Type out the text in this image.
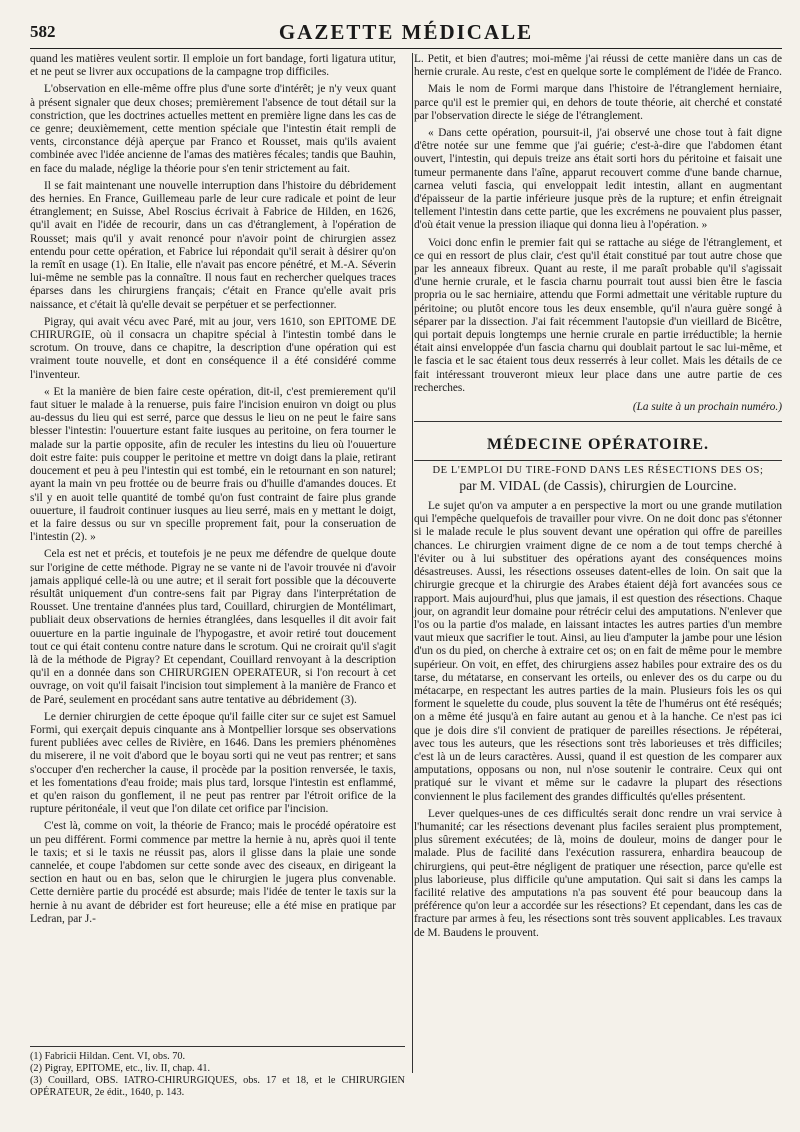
582	GAZETTE MÉDICALE

quand les matières veulent sortir. Il emploie un fort bandage, forti ligatura utitur, et ne peut se livrer aux occupations de la campagne trop difficiles.

L'observation en elle-même offre plus d'une sorte d'intérêt; je n'y veux quant à présent signaler que deux choses; premièrement l'absence de tout détail sur la constriction, que les doctrines actuelles mettent en première ligne dans les cas de ce genre; deuxièmement, cette mention spéciale que l'intestin était rempli de vents, circonstance déjà aperçue par Franco et Rousset, mais qu'ils avaient combinée avec l'idée ancienne de l'amas des matières fécales; tandis que Bauhin, en face du malade, néglige la théorie pour s'en tenir strictement au fait.

Il se fait maintenant une nouvelle interruption dans l'histoire du débridement des hernies. En France, Guillemeau parle de leur cure radicale et point de leur étranglement; en Suisse, Abel Roscius écrivait à Fabrice de Hilden, en 1626, qu'il avait en l'idée de recourir, dans un cas d'étranglement, à l'opération de Rousset; mais qu'il y avait renoncé pour n'avoir point de chirurgien assez entendu pour cette opération, et Fabrice lui répondait qu'il serait à désirer qu'on la remît en usage (1). En Italie, elle n'avait pas encore pénétré, et M.-A. Séverin lui-même ne semble pas la connaître. Il nous faut en rechercher quelques traces éparses dans les chirurgiens français; c'était en France qu'elle avait pris naissance, et c'était là qu'elle devait se perpétuer et se perfectionner.

Pigray, qui avait vécu avec Paré, mit au jour, vers 1610, son EPITOME DE CHIRURGIE, où il consacra un chapitre spécial à l'intestin tombé dans le scrotum. On trouve, dans ce chapitre, la description d'une opération qui est vraiment toute nouvelle, et dont en conséquence il a été considéré comme l'inventeur.

« Et la manière de bien faire ceste opération, dit-il, c'est premierement qu'il faut situer le malade à la renuerse, puis faire l'incision enuiron vn doigt ou plus au-dessus du lieu qui est serré, parce que dessus le lieu on ne peut le faire sans blesser l'intestin: l'ouuerture estant faite iusques au peritoine, on fera tourner le malade sur la partie opposite, afin de reculer les intestins du lieu où l'ouuerture doit estre faite: puis coupper le peritoine et mettre vn doigt dans la plaie, retirant doucement et peu à peu l'intestin qui est tombé, ein le retournant en son naturel; ayant la main vn peu frottée ou de beurre frais ou d'huille d'amandes douces. Et s'il y en auoit telle quantité de tombé qu'on fust contraint de faire plus grande ouuerture, il faudroit continuer iusques au lieu serré, mais en y mettant le doigt, et la faire dessus ou sur vn specille proprement fait, pour la conseruation de l'intestin (2). »

Cela est net et précis, et toutefois je ne peux me défendre de quelque doute sur l'origine de cette méthode. Pigray ne se vante ni de l'avoir trouvée ni d'avoir jamais appliqué celle-là ou une autre; et il serait fort possible que la découverte résultât uniquement d'un contre-sens fait par Pigray dans l'interprétation de Rousset. Une trentaine d'années plus tard, Couillard, chirurgien de Montélimart, publiait deux observations de hernies étranglées, dans lesquelles il dit avoir fait ouuerture en la partie inguinale de l'hypogastre, et avoir retiré tout doucement tout ce qui était contenu contre nature dans le scrotum. Qui ne croirait qu'il s'agit là de la méthode de Pigray? Et cependant, Couillard renvoyant à la description qu'il en a donnée dans son CHIRURGIEN OPERATEUR, si l'on recourt à cet ouvrage, on voit qu'il faisait l'incision tout simplement à la manière de Franco et de Paré, seulement en procédant sans autre tentative au débridement (3).

Le dernier chirurgien de cette époque qu'il faille citer sur ce sujet est Samuel Formi, qui exerçait depuis cinquante ans à Montpellier lorsque ses observations furent publiées avec celles de Rivière, en 1646. Dans les premiers phénomènes du miserere, il ne voit d'abord que le boyau sorti qui ne veut pas rentrer; et sans s'occuper d'en rechercher la cause, il procède par la position renversée, le taxis, et les fomentations d'eau froide; mais plus tard, lorsque l'intestin est enflammé, et qu'en raison du gonflement, il ne peut pas rentrer par l'étroit orifice de la rupture péritonéale, il veut que l'on dilate cet orifice par l'incision.

C'est là, comme on voit, la théorie de Franco; mais le procédé opératoire est un peu différent. Formi commence par mettre la hernie à nu, après quoi il tente le taxis; et si le taxis ne réussit pas, alors il glisse dans la plaie une sonde cannelée, et coupe l'abdomen sur cette sonde avec des ciseaux, en dirigeant la section en haut ou en bas, selon que le chirurgien le jugera plus convenable. Cette dernière partie du procédé est absurde; mais l'idée de tenter le taxis sur la hernie à nu avant de débrider est fort heureuse; elle a été mise en pratique par Ledran, par J.-

L. Petit, et bien d'autres; moi-même j'ai réussi de cette manière dans un cas de hernie crurale. Au reste, c'est en quelque sorte le complément de l'idée de Franco.

Mais le nom de Formi marque dans l'histoire de l'étranglement herniaire, parce qu'il est le premier qui, en dehors de toute théorie, ait cherché et constaté par l'observation directe le siége de l'étranglement.

« Dans cette opération, poursuit-il, j'ai observé une chose tout à fait digne d'être notée sur une femme que j'ai guérie; c'est-à-dire que l'abdomen étant ouvert, l'intestin, qui depuis treize ans était sorti hors du péritoine et faisait une tumeur permanente dans l'aîne, apparut recouvert comme d'une bande charnue, carnea veluti fascia, qui enveloppait ledit intestin, allant en augmentant d'épaisseur de la partie inférieure jusque près de la rupture; et enfin étreignait tellement l'intestin dans cette partie, que les excrémens ne pouvaient plus passer, d'où était venue la pression iliaque qui donna lieu à l'opération. »

Voici donc enfin le premier fait qui se rattache au siége de l'étranglement, et ce qui en ressort de plus clair, c'est qu'il était constitué par tout autre chose que par les anneaux fibreux. Quant au reste, il me paraît probable qu'il s'agissait d'une hernie crurale, et le fascia charnu pourrait tout aussi bien être le fascia propria ou le sac herniaire, attendu que Formi admettait une véritable rupture du péritoine; ou plutôt encore tous les deux ensemble, qu'il n'aura guère songé à séparer par la dissection. J'ai fait récemment l'autopsie d'un vieillard de Bicêtre, qui portait depuis longtemps une hernie crurale en partie irréductible; la hernie était ainsi enveloppée d'un fascia charnu qui doublait partout le sac lui-même, et le fascia et le sac étaient tous deux resserrés à leur collet. Mais les détails de ce fait intéressant trouveront mieux leur place dans une autre partie de ces recherches.

(La suite à un prochain numéro.)
MÉDECINE OPÉRATOIRE.
DE L'EMPLOI DU TIRE-FOND DANS LES RÉSECTIONS DES OS;
par M. VIDAL (de Cassis), chirurgien de Lourcine.

Le sujet qu'on va amputer a en perspective la mort ou une grande mutilation qui l'empêche quelquefois de travailler pour vivre. On ne doit donc pas s'étonner si le malade recule le plus souvent devant une opération qui offre de pareilles chances. Le chirurgien vraiment digne de ce nom a de tout temps cherché à l'éviter ou à lui substituer des opérations ayant des conséquences moins désastreuses. Aussi, les résections osseuses datent-elles de loin. On sait que la chirurgie grecque et la chirurgie des Arabes étaient déjà fort avancées sous ce rapport. Mais aujourd'hui, plus que jamais, il est question des résections. Chaque jour, on agrandit leur domaine pour rétrécir celui des amputations. N'enlever que l'os ou la partie d'os malade, en laissant intactes les autres parties d'un membre vaut mieux que sacrifier le tout. Ainsi, au lieu d'amputer la jambe pour une lésion d'un os du pied, on cherche à extraire cet os; on en fait de même pour le membre supérieur. On voit, en effet, des chirurgiens assez habiles pour extraire des os du tarse, du métatarse, en conservant les orteils, ou enlever des os du carpe ou du métacarpe, en respectant les autres parties de la main. Plusieurs fois les os qui forment le squelette du coude, plus souvent la tête de l'humérus ont été reséqués; on a même été jusqu'à en faire autant au genou et à la hanche. Ce n'est pas ici que je dois dire s'il convient de pratiquer de pareilles résections. Je répéterai, avec tous les auteurs, que les résections sont très laborieuses et très difficiles; c'est là un de leurs caractères. Aussi, quand il est question de les comparer aux amputations, opposans ou non, nul n'ose soutenir le contraire. Ceux qui ont pratiqué sur le vivant et même sur le cadavre la plupart des résections conviennent le plus facilement des grandes difficultés qu'elles présentent.

Lever quelques-unes de ces difficultés serait donc rendre un vrai service à l'humanité; car les résections devenant plus faciles seraient plus promptement, plus sûrement exécutées; de là, moins de douleur, moins de danger pour le malade. Plus de facilité dans l'exécution rassurera, enhardira beaucoup de chirurgiens, qui peut-être négligent de pratiquer une résection, parce qu'elle est plus laborieuse, plus difficile qu'une amputation. Qui sait si dans les camps la facilité relative des amputations n'a pas souvent été pour beaucoup dans la préférence qu'on leur a accordée sur les résections? Et cependant, dans les cas de fracture par armes à feu, les résections sont très souvent applicables. Les travaux de M. Baudens le prouvent.

(1) Fabricii Hildan. Cent. VI, obs. 70.

(2) Pigray, EPITOME, etc., liv. II, chap. 41.

(3) Couillard, OBS. IATRO-CHIRURGIQUES, obs. 17 et 18, et le CHIRURGIEN OPÉRATEUR, 2e édit., 1640, p. 143.
